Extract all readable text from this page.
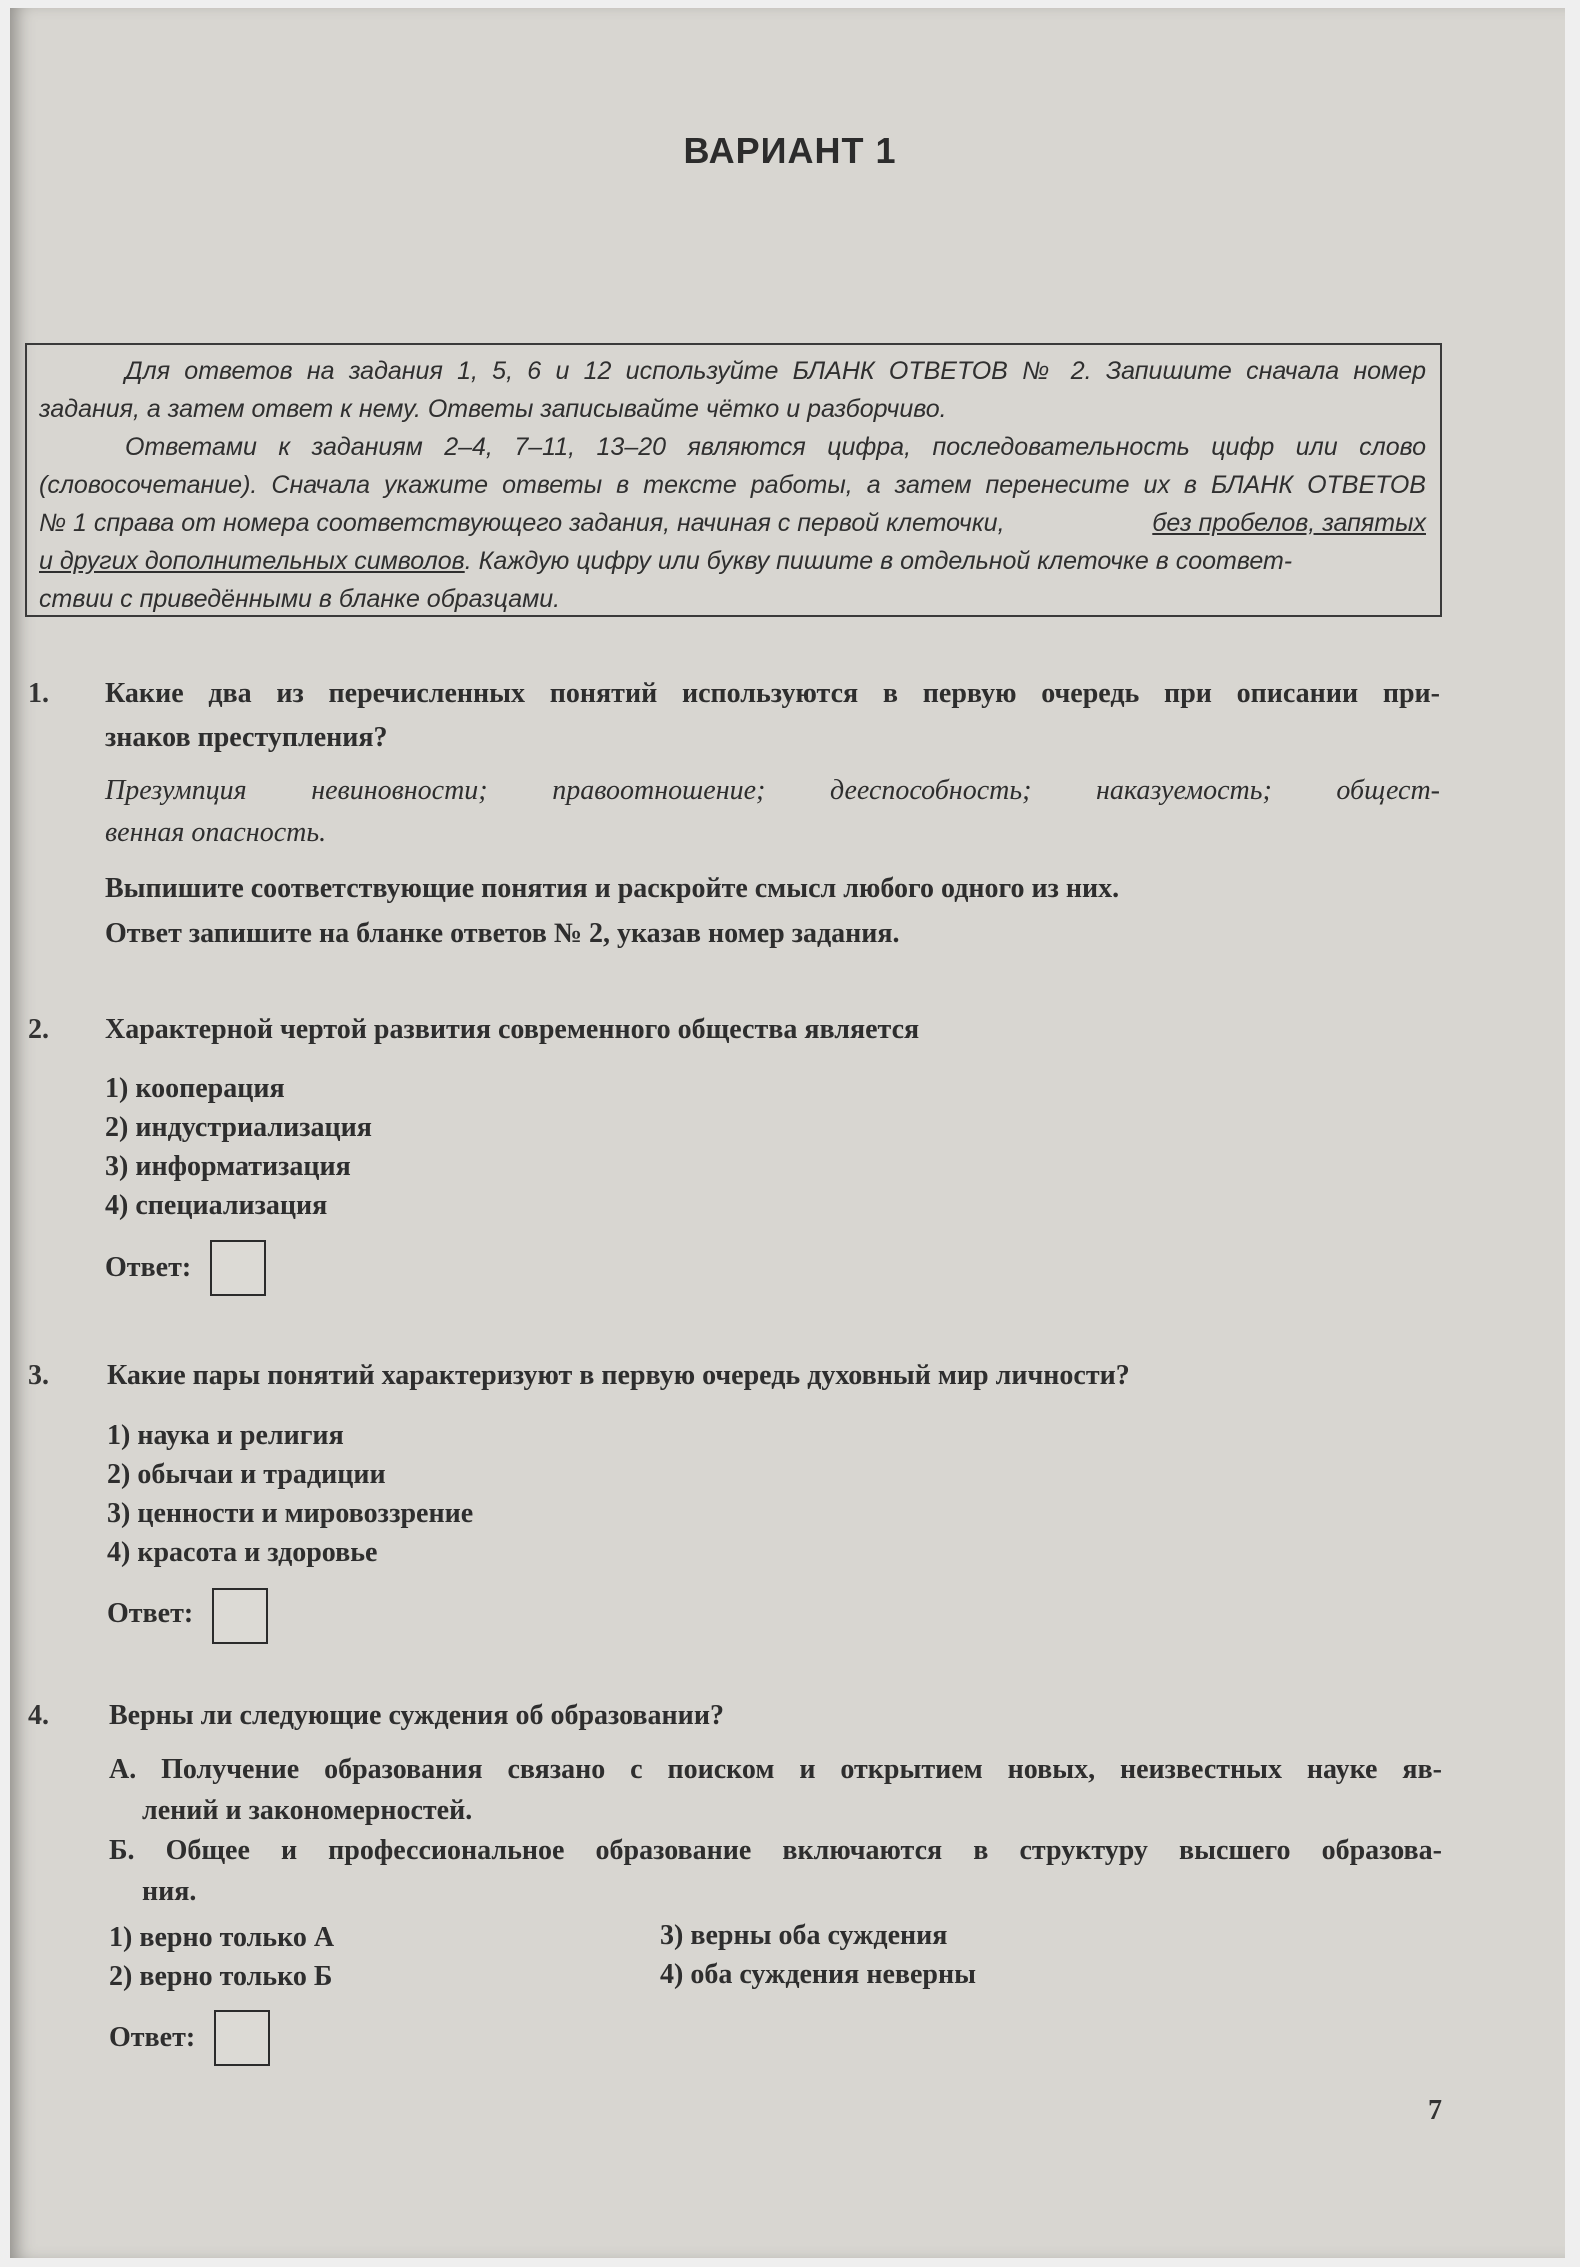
ВАРИАНТ 1
Для ответов на задания 1, 5, 6 и 12 используйте БЛАНК ОТВЕТОВ № 2. Запишите сначала номер
задания, а затем ответ к нему. Ответы записывайте чётко и разборчиво.
Ответами к заданиям 2–4, 7–11, 13–20 являются цифра, последовательность цифр или слово
(словосочетание). Сначала укажите ответы в тексте работы, а затем перенесите их в БЛАНК ОТВЕТОВ
№ 1 справа от номера соответствующего задания, начиная с первой клеточки,	без пробелов, запятых
и других дополнительных символов . Каждую цифру или букву пишите в отдельной клеточке в соответ-
ствии с приведёнными в бланке образцами.
1. Какие два из перечисленных понятий используются в первую очередь при описании при-
знаков преступления?
Презумпция невиновности; правоотношение; дееспособность; наказуемость; общест-
венная опасность.
Выпишите соответствующие понятия и раскройте смысл любого одного из них.
Ответ запишите на бланке ответов № 2, указав номер задания.
2. Характерной чертой развития современного общества является
1) кооперация
2) индустриализация
3) информатизация
4) специализация
Ответ:
3. Какие пары понятий характеризуют в первую очередь духовный мир личности?
1) наука и религия
2) обычаи и традиции
3) ценности и мировоззрение
4) красота и здоровье
Ответ:
4. Верны ли следующие суждения об образовании?
А. Получение образования связано с поиском и открытием новых, неизвестных науке яв-
лений и закономерностей.
Б. Общее и профессиональное образование включаются в структуру высшего образова-
ния.
1) верно только А
2) верно только Б
3) верны оба суждения
4) оба суждения неверны
Ответ:
7
